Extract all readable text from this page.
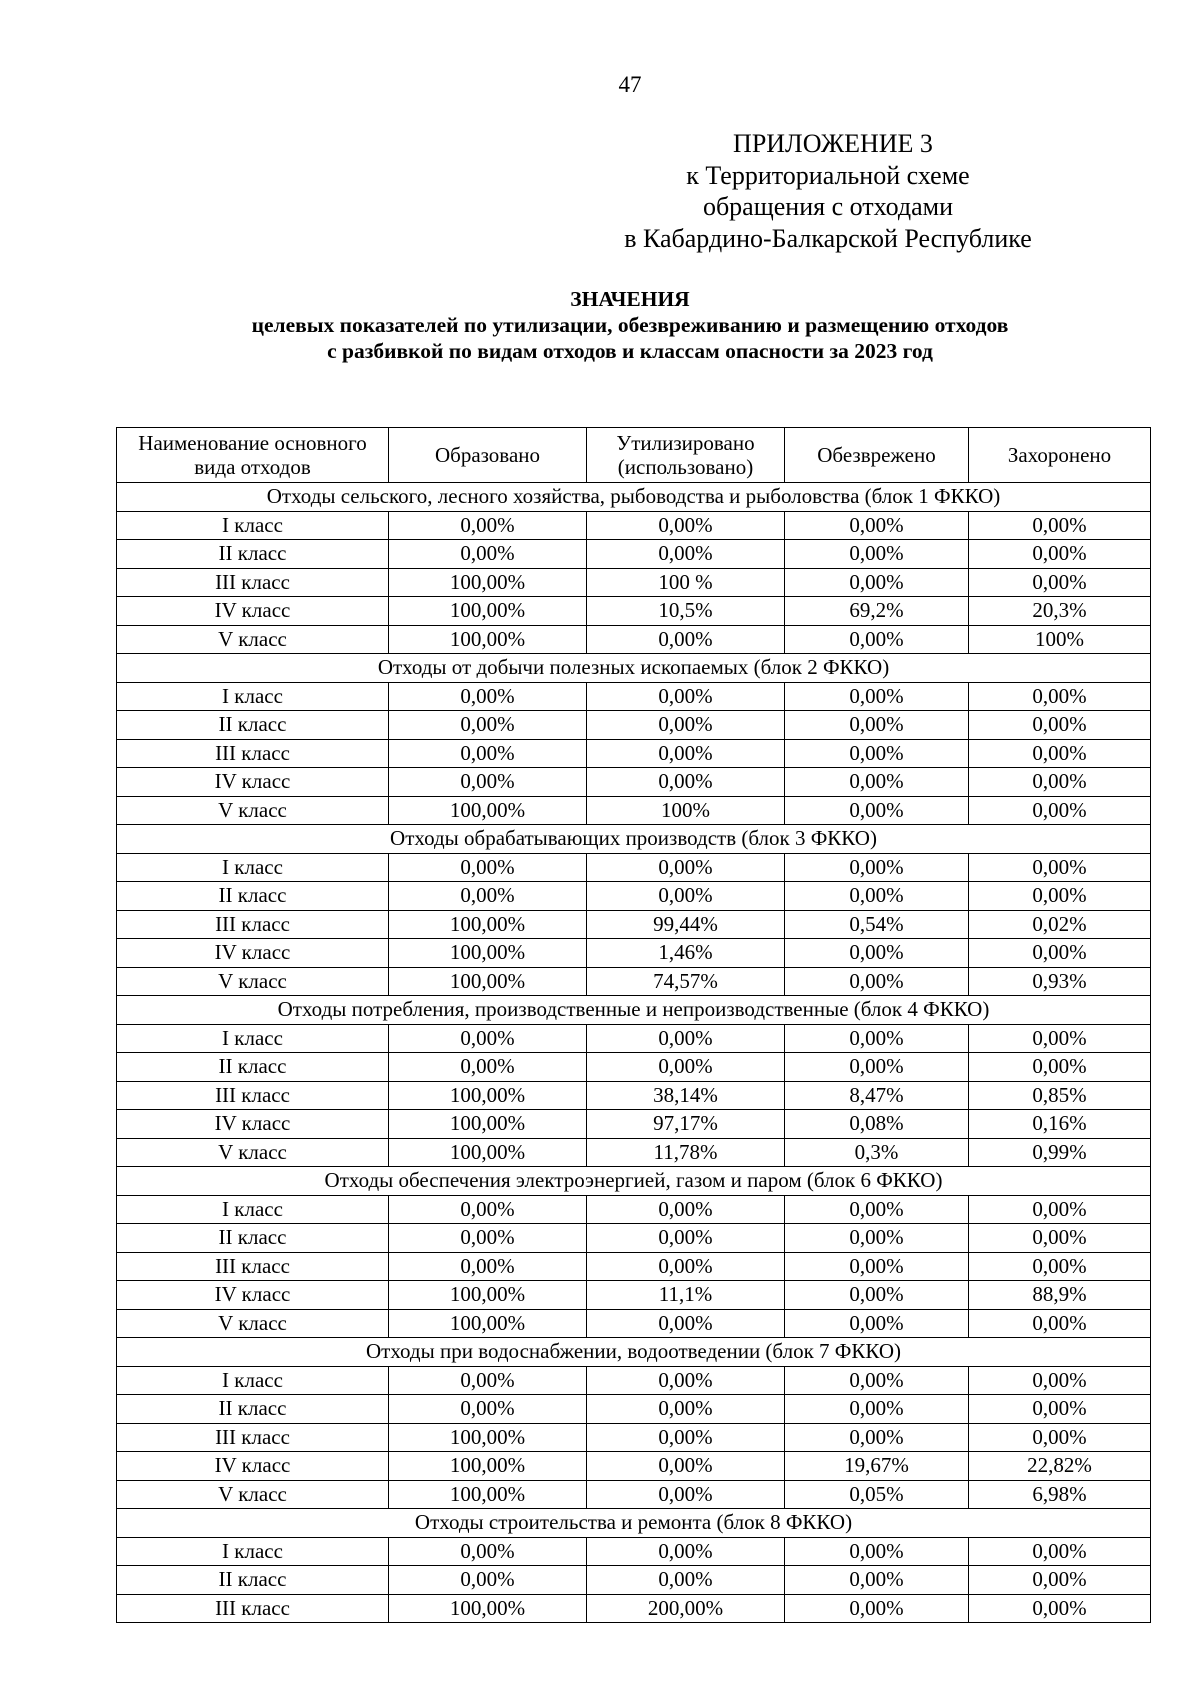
47
ПРИЛОЖЕНИЕ 3
к Территориальной схеме
обращения с отходами
в Кабардино-Балкарской Республике
ЗНАЧЕНИЯ
целевых показателей по утилизации, обезвреживанию и размещению отходов
с разбивкой по видам отходов и классам опасности за 2023 год
Наименование основного вида отходов	Образовано	Утилизировано (использовано)	Обезврежено	Захоронено
Отходы сельского, лесного хозяйства, рыбоводства и рыболовства (блок 1 ФККО)				
I класс	0,00%	0,00%	0,00%	0,00%
II класс	0,00%	0,00%	0,00%	0,00%
III класс	100,00%	100 %	0,00%	0,00%
IV класс	100,00%	10,5%	69,2%	20,3%
V класс	100,00%	0,00%	0,00%	100%
Отходы от добычи полезных ископаемых (блок 2 ФККО)				
I класс	0,00%	0,00%	0,00%	0,00%
II класс	0,00%	0,00%	0,00%	0,00%
III класс	0,00%	0,00%	0,00%	0,00%
IV класс	0,00%	0,00%	0,00%	0,00%
V класс	100,00%	100%	0,00%	0,00%
Отходы обрабатывающих производств (блок 3 ФККО)				
I класс	0,00%	0,00%	0,00%	0,00%
II класс	0,00%	0,00%	0,00%	0,00%
III класс	100,00%	99,44%	0,54%	0,02%
IV класс	100,00%	1,46%	0,00%	0,00%
V класс	100,00%	74,57%	0,00%	0,93%
Отходы потребления, производственные и непроизводственные (блок 4 ФККО)				
I класс	0,00%	0,00%	0,00%	0,00%
II класс	0,00%	0,00%	0,00%	0,00%
III класс	100,00%	38,14%	8,47%	0,85%
IV класс	100,00%	97,17%	0,08%	0,16%
V класс	100,00%	11,78%	0,3%	0,99%
Отходы обеспечения электроэнергией, газом и паром (блок 6 ФККО)				
I класс	0,00%	0,00%	0,00%	0,00%
II класс	0,00%	0,00%	0,00%	0,00%
III класс	0,00%	0,00%	0,00%	0,00%
IV класс	100,00%	11,1%	0,00%	88,9%
V класс	100,00%	0,00%	0,00%	0,00%
Отходы при водоснабжении, водоотведении (блок 7 ФККО)				
I класс	0,00%	0,00%	0,00%	0,00%
II класс	0,00%	0,00%	0,00%	0,00%
III класс	100,00%	0,00%	0,00%	0,00%
IV класс	100,00%	0,00%	19,67%	22,82%
V класс	100,00%	0,00%	0,05%	6,98%
Отходы строительства и ремонта (блок 8 ФККО)				
I класс	0,00%	0,00%	0,00%	0,00%
II класс	0,00%	0,00%	0,00%	0,00%
III класс	100,00%	200,00%	0,00%	0,00%
